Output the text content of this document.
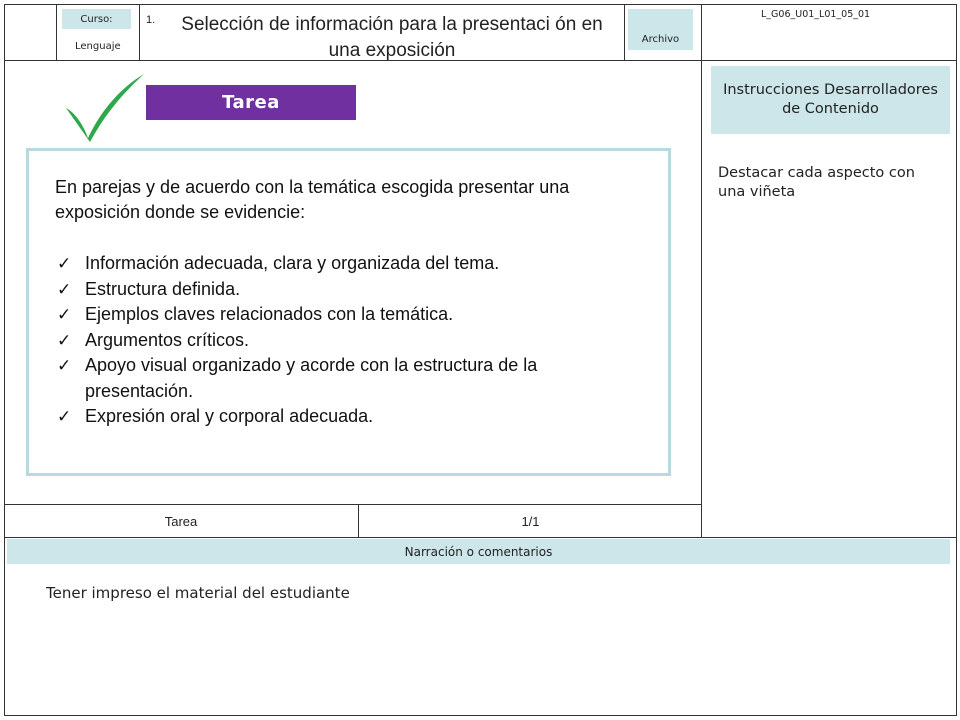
Curso:
Lenguaje
1.	Selección de información para la presentaci ón en una exposición
Archivo
L_G06_U01_L01_05_01
Tarea
En parejas y de acuerdo con la temática escogida presentar una exposición donde se evidencie:
✓ Información adecuada, clara y organizada del tema.
✓ Estructura definida.
✓ Ejemplos claves relacionados con la temática.
✓ Argumentos críticos.
✓ Apoyo visual organizado y acorde con la estructura de la presentación.
✓ Expresión oral y corporal adecuada.
Tarea	1/1
Instrucciones Desarrolladores de Contenido
Destacar cada aspecto con una viñeta
Narración o comentarios
Tener impreso el material del estudiante
